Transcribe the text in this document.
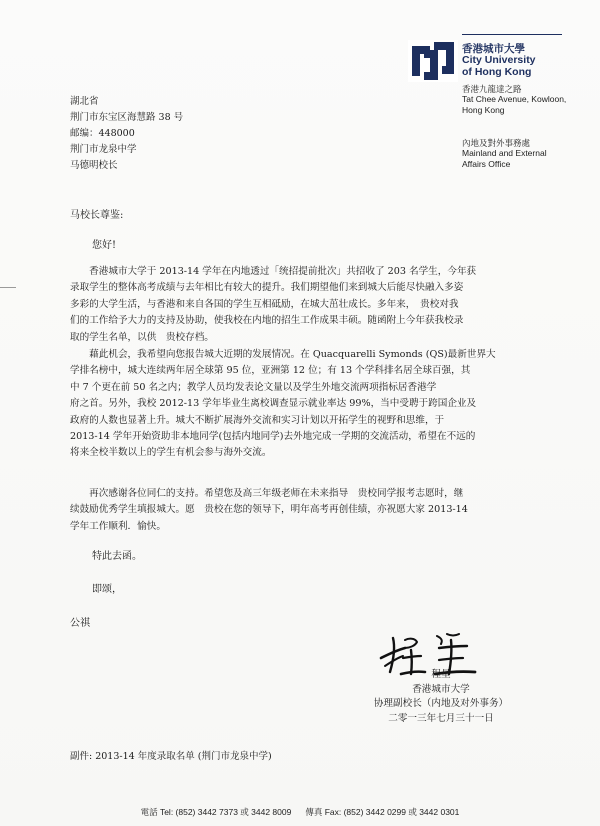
香港城市大學
City University
of Hong Kong
香港九龍達之路
Tat Chee Avenue, Kowloon,
Hong Kong
內地及對外事務處
Mainland and External
Affairs Office
湖北省
荆门市东宝区海慧路 38 号
邮编：448000
荆门市龙泉中学
马德明校长
马校长尊鉴:
您好!
　　香港城市大学于 2013-14 学年在内地透过「统招提前批次」共招收了 203 名学生，今年获
录取学生的整体高考成绩与去年相比有较大的提升。我们期望他们来到城大后能尽快融入多姿
多彩的大学生活，与香港和来自各国的学生互相砥励，在城大茁壮成长。多年来，　贵校对我
们的工作给予大力的支持及协助，使我校在内地的招生工作成果丰硕。随函附上今年获我校录
取的学生名单，以供　贵校存档。
　　藉此机会，我希望向您报告城大近期的发展情况。在 Quacquarelli Symonds (QS)最新世界大
学排名榜中，城大连续两年居全球第 95 位，亚洲第 12 位；有 13 个学科排名居全球百强，其
中 7 个更在前 50 名之内；教学人员均发表论文量以及学生外地交流两项指标居香港学
府之首。另外，我校 2012-13 学年毕业生离校调查显示就业率达 99%，当中受聘于跨国企业及
政府的人数也显著上升。城大不断扩展海外交流和实习计划以开拓学生的视野和思维，于
2013-14 学年开始资助非本地同学(包括内地同学)去外地完成一学期的交流活动，希望在不远的
将来全校半数以上的学生有机会参与海外交流。
　　再次感谢各位同仁的支持。希望您及高三年级老师在未来指导　贵校同学报考志愿时，继
续鼓励优秀学生填报城大。愿　贵校在您的领导下，明年高考再创佳绩，亦祝愿大家 2013-14
学年工作顺利．愉快。
特此去函。
即颂，
公祺
程星
香港城市大学
协理副校长（内地及对外事务）
二零一三年七月三十一日
副件: 2013-14 年度录取名单 (荆门市龙泉中学)
電話 Tel: (852) 3442 7373 或 3442 8009 傳真 Fax: (852) 3442 0299 或 3442 0301
